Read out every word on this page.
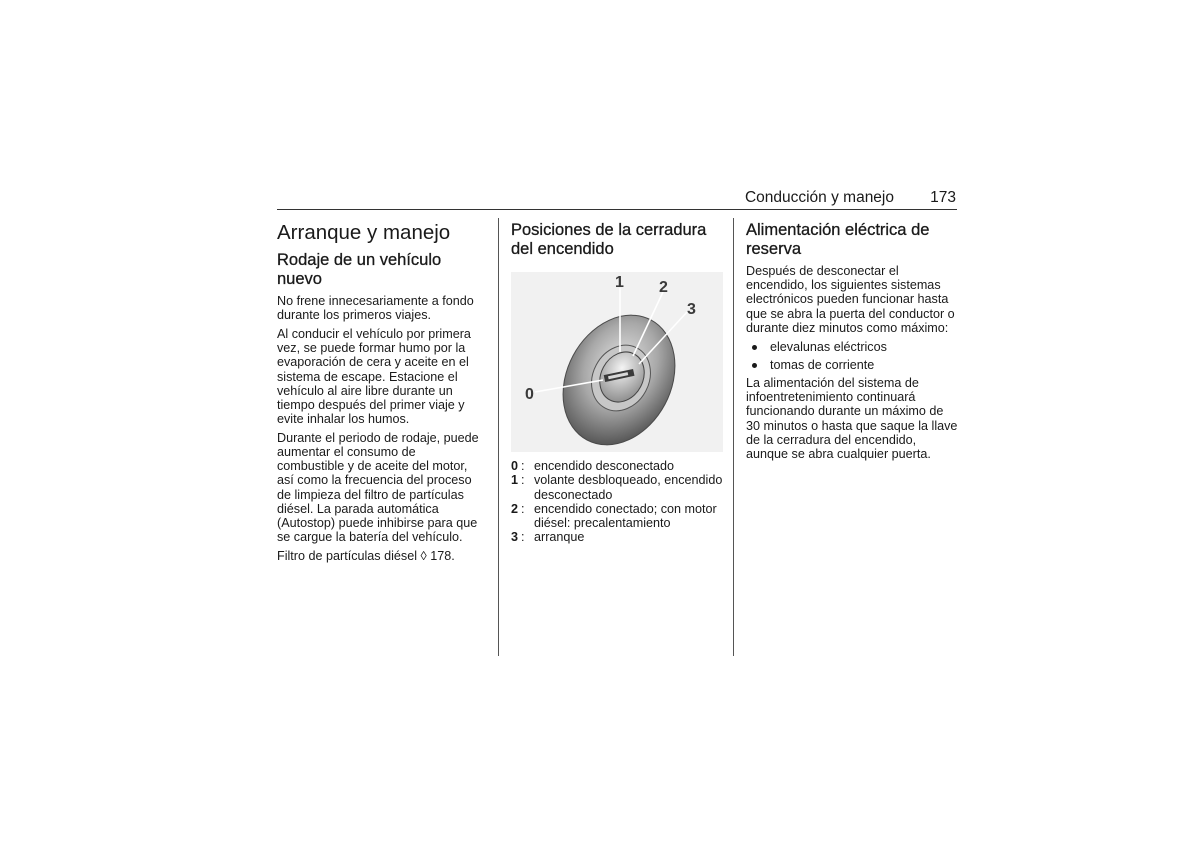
Conducción y manejo 173
Arranque y manejo
Rodaje de un vehículo nuevo

No frene innecesariamente a fondo durante los primeros viajes.

Al conducir el vehículo por primera vez, se puede formar humo por la evaporación de cera y aceite en el sistema de escape. Estacione el vehículo al aire libre durante un tiempo después del primer viaje y evite inhalar los humos.

Durante el periodo de rodaje, puede aumentar el consumo de combustible y de aceite del motor, así como la frecuencia del proceso de limpieza del filtro de partículas diésel. La parada automática (Autostop) puede inhibirse para que se cargue la batería del vehículo.

Filtro de partículas diésel ◊ 178.

Posiciones de la cerradura del encendido
0
1 2
3
0 : encendido desconectado
1 : volante desbloqueado, encendido desconectado
2 : encendido conectado; con motor diésel: precalentamiento
3 : arranque
Alimentación eléctrica de reserva

Después de desconectar el encendido, los siguientes sistemas electrónicos pueden funcionar hasta que se abra la puerta del conductor o durante diez minutos como máximo:

elevalunas eléctricos
tomas de corriente

La alimentación del sistema de infoentretenimiento continuará funcionando durante un máximo de 30 minutos o hasta que saque la llave de la cerradura del encendido, aunque se abra cualquier puerta.
